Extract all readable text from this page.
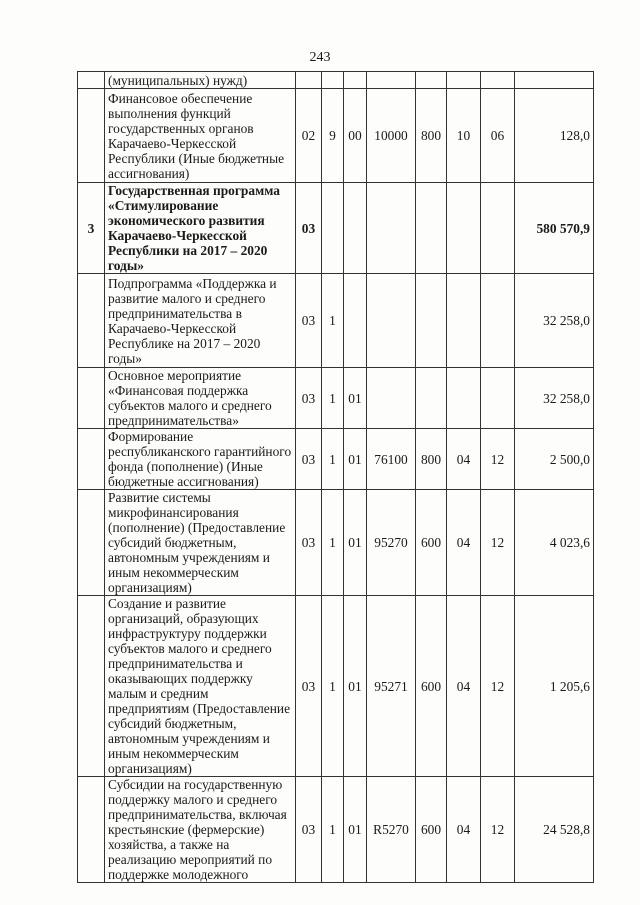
243
	(муниципальных) нужд)								
	Финансовое обеспечение выполнения функций государственных органов Карачаево-Черкесской Республики (Иные бюджетные ассигнования)	02	9	00	10000	800	10	06	128,0
3	Государственная программа «Стимулирование экономического развития Карачаево-Черкесской Республики на 2017 – 2020 годы»	03							580 570,9
	Подпрограмма «Поддержка и развитие малого и среднего предпринимательства в Карачаево-Черкесской Республике на 2017 – 2020 годы»	03	1						32 258,0
	Основное мероприятие «Финансовая поддержка субъектов малого и среднего предпринимательства»	03	1	01					32 258,0
	Формирование республиканского гарантийного фонда (пополнение) (Иные бюджетные ассигнования)	03	1	01	76100	800	04	12	2 500,0
	Развитие системы микрофинансирования (пополнение) (Предоставление субсидий бюджетным, автономным учреждениям и иным некоммерческим организациям)	03	1	01	95270	600	04	12	4 023,6
	Создание и развитие организаций, образующих инфраструктуру поддержки субъектов малого и среднего предпринимательства и оказывающих поддержку малым и средним предприятиям (Предоставление субсидий бюджетным, автономным учреждениям и иным некоммерческим организациям)	03	1	01	95271	600	04	12	1 205,6
	Субсидии на государственную поддержку малого и среднего предпринимательства, включая крестьянские (фермерские) хозяйства, а также на реализацию мероприятий по поддержке молодежного	03	1	01	R5270	600	04	12	24 528,8
